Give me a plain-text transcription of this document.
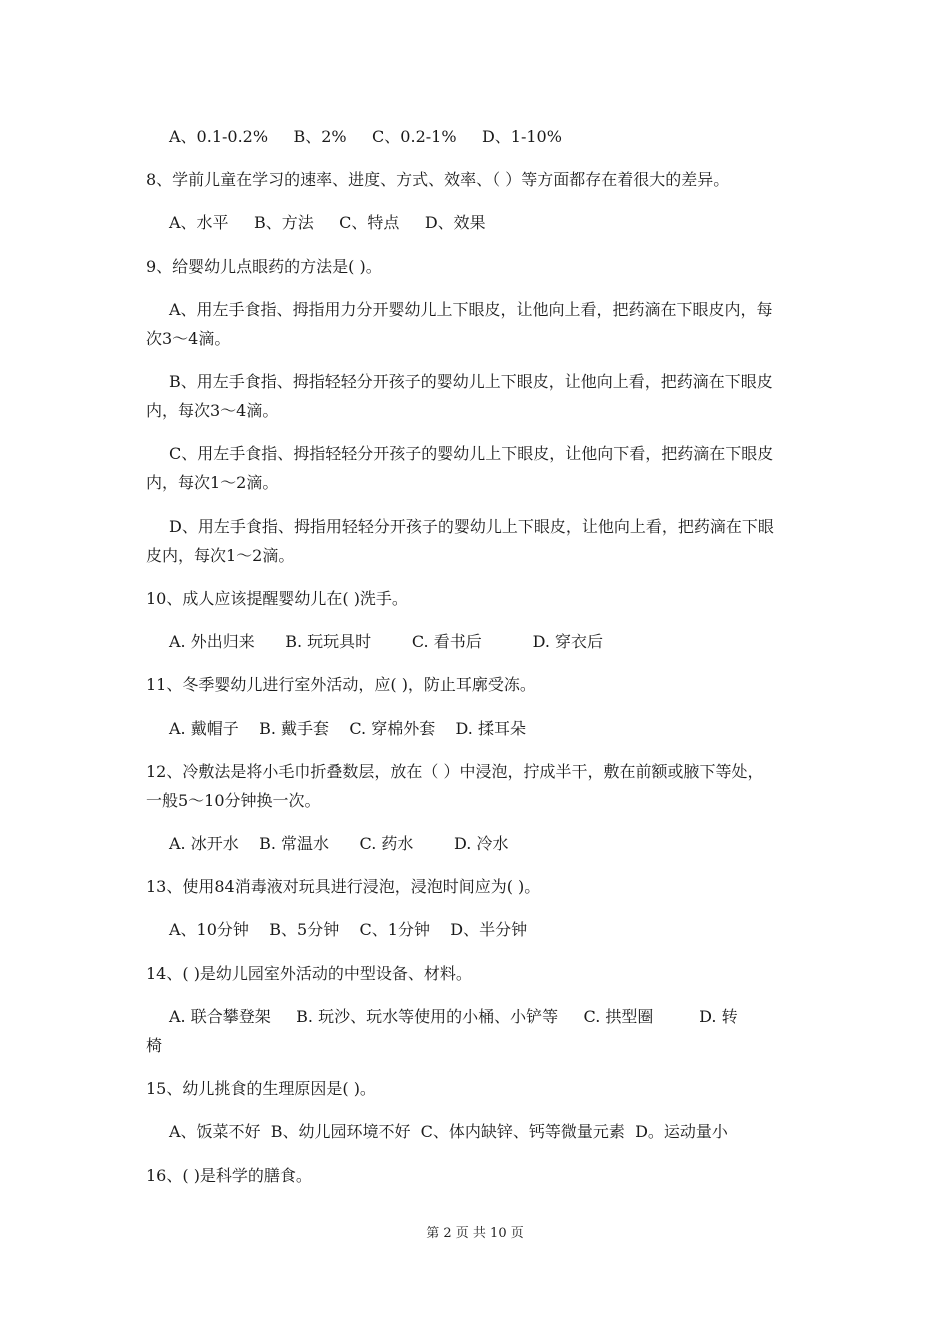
A、0.1-0.2%     B、2%     C、0.2-1%     D、1-10%
8、学前儿童在学习的速率、进度、方式、效率、（ ）等方面都存在着很大的差异。
A、水平     B、方法     C、特点     D、效果
9、给婴幼儿点眼药的方法是( )。
A、用左手食指、拇指用力分开婴幼儿上下眼皮，让他向上看，把药滴在下眼皮内，每
次3～4滴。
B、用左手食指、拇指轻轻分开孩子的婴幼儿上下眼皮，让他向上看，把药滴在下眼皮
内，每次3～4滴。
C、用左手食指、拇指轻轻分开孩子的婴幼儿上下眼皮，让他向下看，把药滴在下眼皮
内，每次1～2滴。
D、用左手食指、拇指用轻轻分开孩子的婴幼儿上下眼皮，让他向上看，把药滴在下眼
皮内，每次1～2滴。
10、成人应该提醒婴幼儿在( )洗手。
A. 外出归来      B. 玩玩具时        C. 看书后          D. 穿衣后
11、冬季婴幼儿进行室外活动，应( )，防止耳廓受冻。
A. 戴帽子    B. 戴手套    C. 穿棉外套    D. 揉耳朵
12、冷敷法是将小毛巾折叠数层，放在（ ）中浸泡，拧成半干，敷在前额或腋下等处，
一般5～10分钟换一次。
A. 冰开水    B. 常温水      C. 药水        D. 冷水
13、使用84消毒液对玩具进行浸泡，浸泡时间应为( )。
A、10分钟    B、5分钟    C、1分钟    D、半分钟
14、( )是幼儿园室外活动的中型设备、材料。
A. 联合攀登架     B. 玩沙、玩水等使用的小桶、小铲等     C. 拱型圈         D. 转
椅
15、幼儿挑食的生理原因是( )。
A、饭菜不好  B、幼儿园环境不好  C、体内缺锌、钙等微量元素  D。运动量小
16、( )是科学的膳食。
第 2 页 共 10 页
